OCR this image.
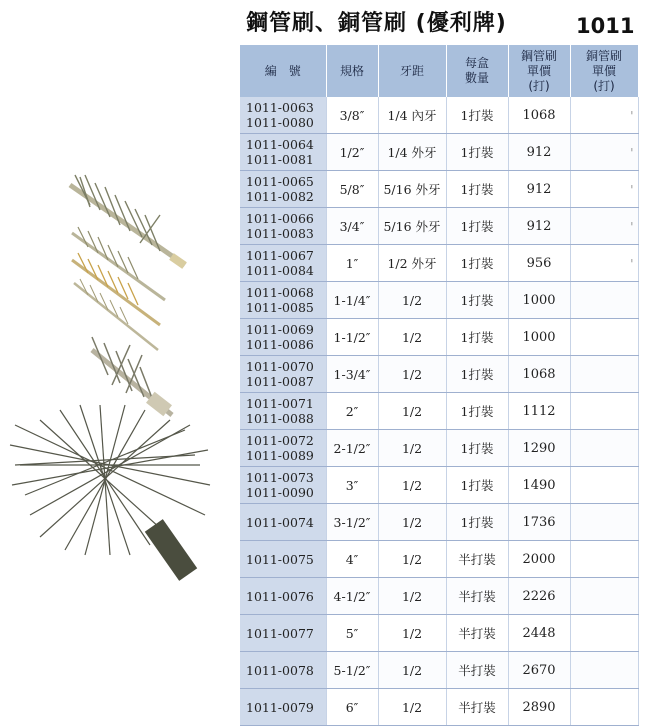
鋼管刷、銅管刷 (優利牌)	1011
編　號	規格	牙距	每盒
數量	鋼管刷
單價
(打)	銅管刷
單價
(打)

1011-0063
1011-0080	3/8″	1/4 內牙	1打裝	1068	'
1011-0064
1011-0081	1/2″	1/4 外牙	1打裝	912	'
1011-0065
1011-0082	5/8″	5/16 外牙	1打裝	912	'
1011-0066
1011-0083	3/4″	5/16 外牙	1打裝	912	'
1011-0067
1011-0084	1″	1/2 外牙	1打裝	956	'
1011-0068
1011-0085	1-1/4″	1/2	1打裝	1000	
1011-0069
1011-0086	1-1/2″	1/2	1打裝	1000	
1011-0070
1011-0087	1-3/4″	1/2	1打裝	1068	
1011-0071
1011-0088	2″	1/2	1打裝	1112	
1011-0072
1011-0089	2-1/2″	1/2	1打裝	1290	
1011-0073
1011-0090	3″	1/2	1打裝	1490	
1011-0074	3-1/2″	1/2	1打裝	1736	
1011-0075	4″	1/2	半打裝	2000	
1011-0076	4-1/2″	1/2	半打裝	2226	
1011-0077	5″	1/2	半打裝	2448	
1011-0078	5-1/2″	1/2	半打裝	2670	
1011-0079	6″	1/2	半打裝	2890	
